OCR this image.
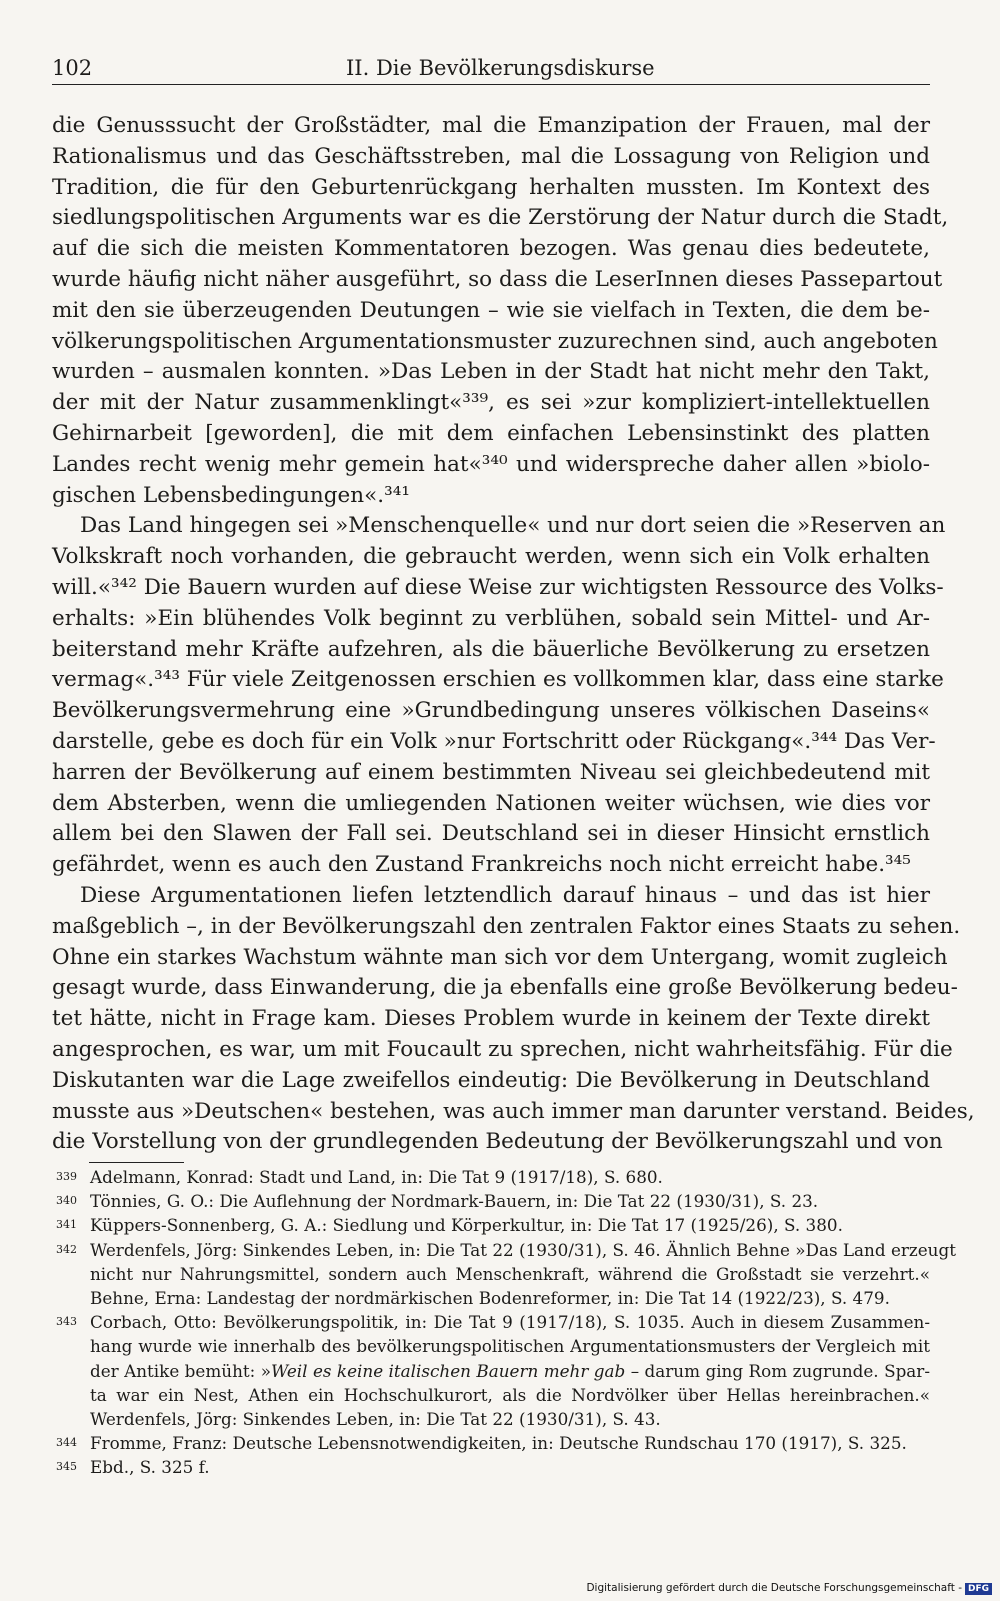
102	II. Die Bevölkerungsdiskurse
die Genusssucht der Großstädter, mal die Emanzipation der Frauen, mal der
Rationalismus und das Geschäftsstreben, mal die Lossagung von Religion und
Tradition, die für den Geburtenrückgang herhalten mussten. Im Kontext des
siedlungspolitischen Arguments war es die Zerstörung der Natur durch die Stadt,
auf die sich die meisten Kommentatoren bezogen. Was genau dies bedeutete,
wurde häufig nicht näher ausgeführt, so dass die LeserInnen dieses Passepartout
mit den sie überzeugenden Deutungen – wie sie vielfach in Texten, die dem be-
völkerungspolitischen Argumentationsmuster zuzurechnen sind, auch angeboten
wurden – ausmalen konnten. »Das Leben in der Stadt hat nicht mehr den Takt,
der mit der Natur zusammenklingt«³³⁹, es sei »zur kompliziert-intellektuellen
Gehirnarbeit [geworden], die mit dem einfachen Lebensinstinkt des platten
Landes recht wenig mehr gemein hat«³⁴⁰ und widerspreche daher allen »biolo-
gischen Lebensbedingungen«.³⁴¹
Das Land hingegen sei »Menschenquelle« und nur dort seien die »Reserven an
Volkskraft noch vorhanden, die gebraucht werden, wenn sich ein Volk erhalten
will.«³⁴² Die Bauern wurden auf diese Weise zur wichtigsten Ressource des Volks-
erhalts: »Ein blühendes Volk beginnt zu verblühen, sobald sein Mittel- und Ar-
beiterstand mehr Kräfte aufzehren, als die bäuerliche Bevölkerung zu ersetzen
vermag«.³⁴³ Für viele Zeitgenossen erschien es vollkommen klar, dass eine starke
Bevölkerungsvermehrung eine »Grundbedingung unseres völkischen Daseins«
darstelle, gebe es doch für ein Volk »nur Fortschritt oder Rückgang«.³⁴⁴ Das Ver-
harren der Bevölkerung auf einem bestimmten Niveau sei gleichbedeutend mit
dem Absterben, wenn die umliegenden Nationen weiter wüchsen, wie dies vor
allem bei den Slawen der Fall sei. Deutschland sei in dieser Hinsicht ernstlich
gefährdet, wenn es auch den Zustand Frankreichs noch nicht erreicht habe.³⁴⁵
Diese Argumentationen liefen letztendlich darauf hinaus – und das ist hier
maßgeblich –, in der Bevölkerungszahl den zentralen Faktor eines Staats zu sehen.
Ohne ein starkes Wachstum wähnte man sich vor dem Untergang, womit zugleich
gesagt wurde, dass Einwanderung, die ja ebenfalls eine große Bevölkerung bedeu-
tet hätte, nicht in Frage kam. Dieses Problem wurde in keinem der Texte direkt
angesprochen, es war, um mit Foucault zu sprechen, nicht wahrheitsfähig. Für die
Diskutanten war die Lage zweifellos eindeutig: Die Bevölkerung in Deutschland
musste aus »Deutschen« bestehen, was auch immer man darunter verstand. Beides,
die Vorstellung von der grundlegenden Bedeutung der Bevölkerungszahl und von
339 Adelmann, Konrad: Stadt und Land, in: Die Tat 9 (1917/18), S. 680.
340 Tönnies, G. O.: Die Auflehnung der Nordmark-Bauern, in: Die Tat 22 (1930/31), S. 23.
341 Küppers-Sonnenberg, G. A.: Siedlung und Körperkultur, in: Die Tat 17 (1925/26), S. 380.
342 Werdenfels, Jörg: Sinkendes Leben, in: Die Tat 22 (1930/31), S. 46. Ähnlich Behne »Das Land erzeugt
nicht nur Nahrungsmittel, sondern auch Menschenkraft, während die Großstadt sie verzehrt.«
Behne, Erna: Landestag der nordmärkischen Bodenreformer, in: Die Tat 14 (1922/23), S. 479.
343 Corbach, Otto: Bevölkerungspolitik, in: Die Tat 9 (1917/18), S. 1035. Auch in diesem Zusammen-
hang wurde wie innerhalb des bevölkerungspolitischen Argumentationsmusters der Vergleich mit
der Antike bemüht: »Weil es keine italischen Bauern mehr gab – darum ging Rom zugrunde. Spar-
ta war ein Nest, Athen ein Hochschulkurort, als die Nordvölker über Hellas hereinbrachen.«
Werdenfels, Jörg: Sinkendes Leben, in: Die Tat 22 (1930/31), S. 43.
344 Fromme, Franz: Deutsche Lebensnotwendigkeiten, in: Deutsche Rundschau 170 (1917), S. 325.
345 Ebd., S. 325 f.
Digitalisierung gefördert durch die Deutsche Forschungsgemeinschaft - DFG
